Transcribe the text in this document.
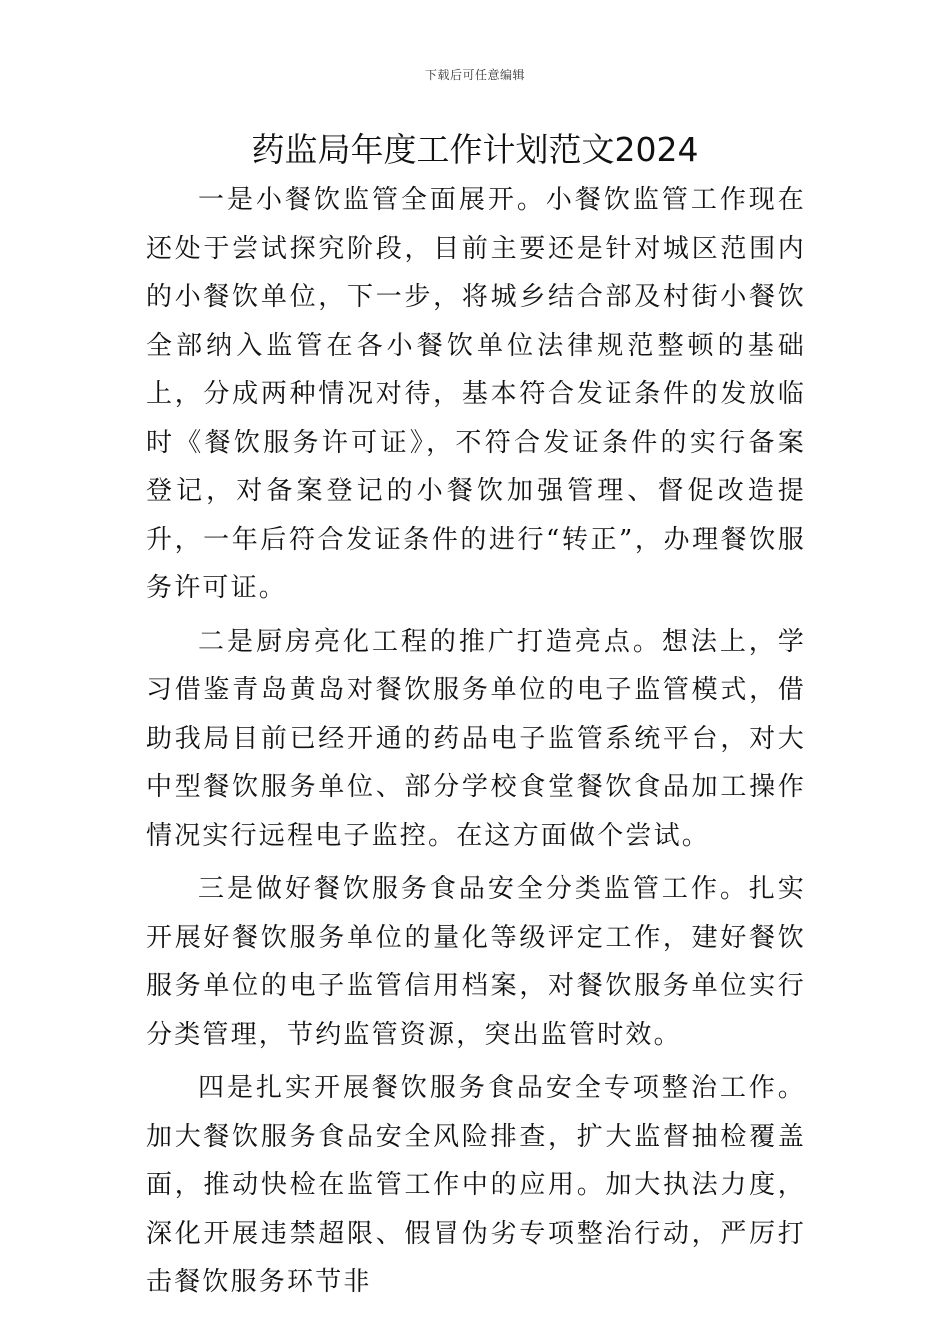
下载后可任意编辑
药监局年度工作计划范文2024

一是小餐饮监管全面展开。小餐饮监管工作现在还处于尝试探究阶段，目前主要还是针对城区范围内的小餐饮单位，下一步，将城乡结合部及村街小餐饮全部纳入监管在各小餐饮单位法律规范整顿的基础上，分成两种情况对待，基本符合发证条件的发放临时《餐饮服务许可证》，不符合发证条件的实行备案登记，对备案登记的小餐饮加强管理、督促改造提升，一年后符合发证条件的进行“转正”，办理餐饮服务许可证。

二是厨房亮化工程的推广打造亮点。想法上，学习借鉴青岛黄岛对餐饮服务单位的电子监管模式，借助我局目前已经开通的药品电子监管系统平台，对大中型餐饮服务单位、部分学校食堂餐饮食品加工操作情况实行远程电子监控。在这方面做个尝试。

三是做好餐饮服务食品安全分类监管工作。扎实开展好餐饮服务单位的量化等级评定工作，建好餐饮服务单位的电子监管信用档案，对餐饮服务单位实行分类管理，节约监管资源，突出监管时效。

四是扎实开展餐饮服务食品安全专项整治工作。加大餐饮服务食品安全风险排查，扩大监督抽检覆盖面，推动快检在监管工作中的应用。加大执法力度，深化开展违禁超限、假冒伪劣专项整治行动，严厉打击餐饮服务环节非
